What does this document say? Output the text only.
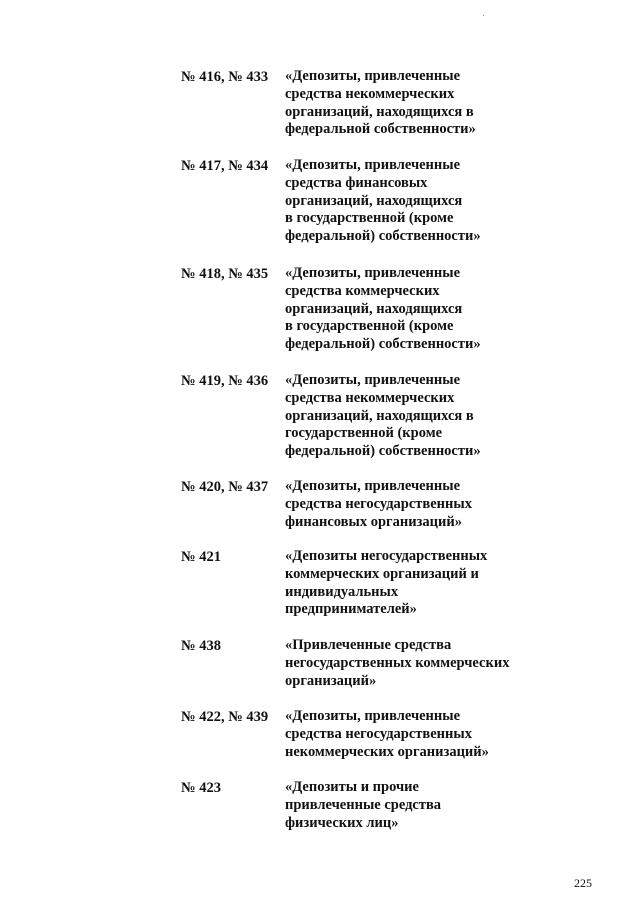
№ 416, № 433	«Депозиты, привлеченные
средства некоммерческих
организаций, находящихся в
федеральной собственности»
№ 417, № 434	«Депозиты, привлеченные
средства финансовых
организаций, находящихся
в государственной (кроме
федеральной) собственности»
№ 418, № 435	«Депозиты, привлеченные
средства коммерческих
организаций, находящихся
в государственной (кроме
федеральной) собственности»
№ 419, № 436	«Депозиты, привлеченные
средства некоммерческих
организаций, находящихся в
государственной (кроме
федеральной) собственности»
№ 420, № 437	«Депозиты, привлеченные
средства негосударственных
финансовых организаций»
№ 421	«Депозиты негосударственных
коммерческих организаций и
индивидуальных
предпринимателей»
№ 438	«Привлеченные средства
негосударственных коммерческих
организаций»
№ 422, № 439	«Депозиты, привлеченные
средства негосударственных
некоммерческих организаций»
№ 423	«Депозиты и прочие
привлеченные средства
физических лиц»
225
